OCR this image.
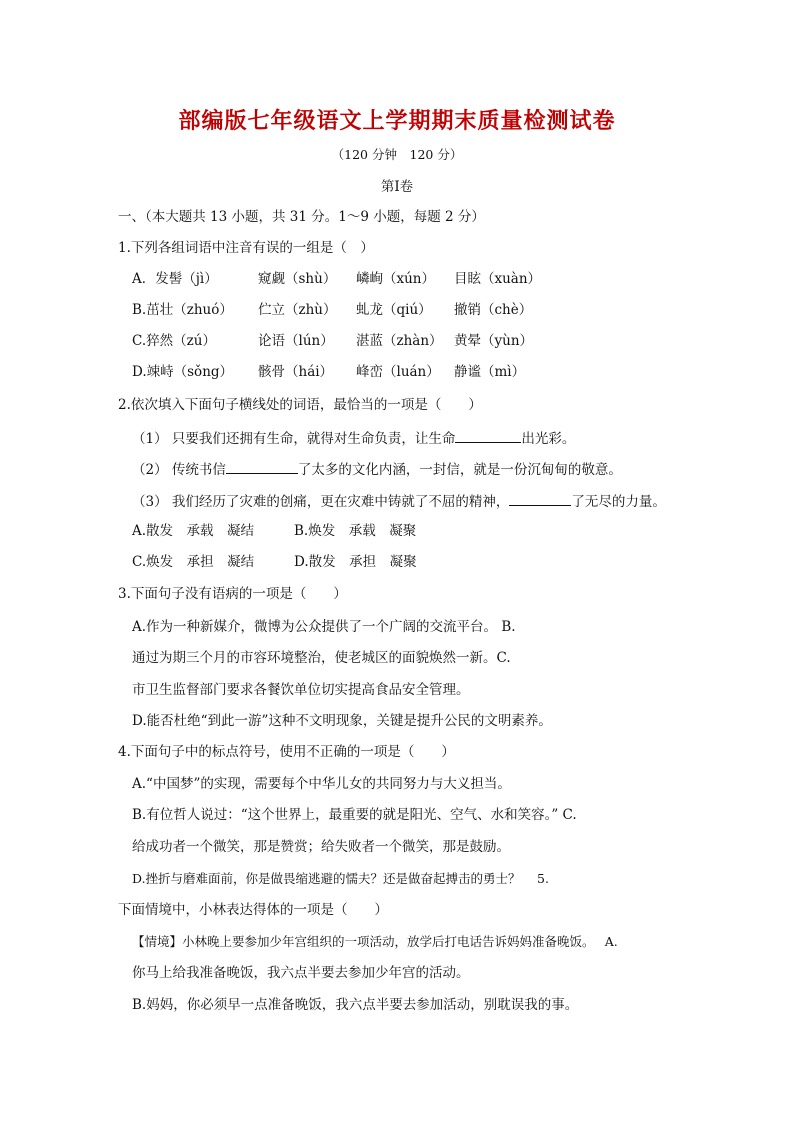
部编版七年级语文上学期期末质量检测试卷
（120 分钟　120 分）
第Ⅰ卷
一、（本大题共 13 小题，共 31 分。1～9 小题，每题 2 分）
1.下列各组词语中注音有误的一组是（　）
A．发髻（jì）	窥觑（shù） 嶙峋（xún） 目眩（xuàn）
B.茁壮（zhuó） 伫立（zhù） 虬龙（qiú） 撤销（chè）
C.猝然（zú）	论语（lún） 湛蓝（zhàn） 黄晕（yùn）
D.竦峙（sǒng） 骸骨（hái） 峰峦（luán） 静谧（mì）
2.依次填入下面句子横线处的词语，最恰当的一项是（　　）
（1） 只要我们还拥有生命，就得对生命负责，让生命	出光彩。
（2） 传统书信	了太多的文化内涵，一封信，就是一份沉甸甸的敬意。
（3） 我们经历了灾难的创痛，更在灾难中铸就了不屈的精神，	了无尽的力量。
A.散发　承载　凝结	B.焕发　承载　凝聚
C.焕发　承担　凝结	D.散发　承担　凝聚
3.下面句子没有语病的一项是（　　）
A.作为一种新媒介，微博为公众提供了一个广阔的交流平台。 B.
通过为期三个月的市容环境整治，使老城区的面貌焕然一新。C.
市卫生监督部门要求各餐饮单位切实提高食品安全管理。
D.能否杜绝“到此一游”这种不文明现象，关键是提升公民的文明素养。
4.下面句子中的标点符号，使用不正确的一项是（　　）
A.“中国梦”的实现，需要每个中华儿女的共同努力与大义担当。
B.有位哲人说过：“这个世界上，最重要的就是阳光、空气、水和笑容。” C.
给成功者一个微笑，那是赞赏；给失败者一个微笑，那是鼓励。
D.挫折与磨难面前，你是做畏缩逃避的懦夫？还是做奋起搏击的勇士？　 5.
下面情境中，小林表达得体的一项是（　　）
【情境】小林晚上要参加少年宫组织的一项活动，放学后打电话告诉妈妈准备晚饭。　 A.
你马上给我准备晚饭，我六点半要去参加少年宫的活动。
B.妈妈，你必须早一点准备晚饭，我六点半要去参加活动，别耽误我的事。
